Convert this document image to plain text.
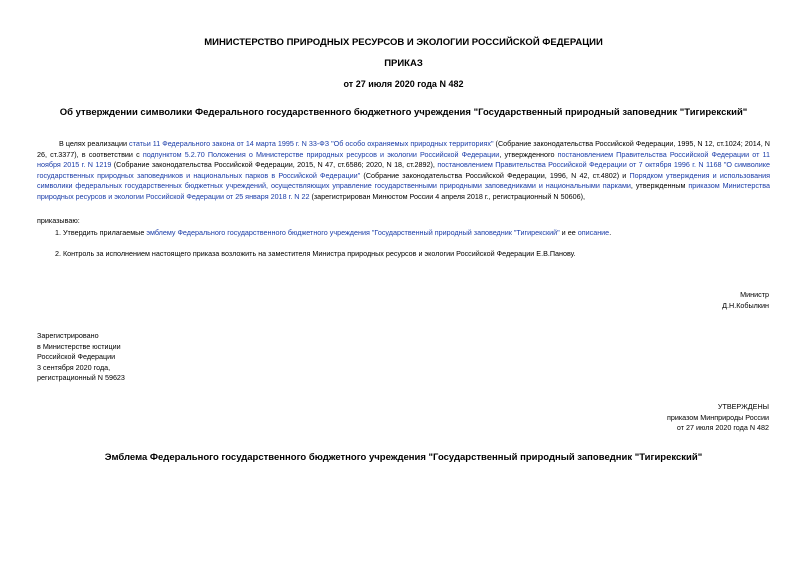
МИНИСТЕРСТВО ПРИРОДНЫХ РЕСУРСОВ И ЭКОЛОГИИ РОССИЙСКОЙ ФЕДЕРАЦИИ
ПРИКАЗ
от 27 июля 2020 года N 482
Об утверждении символики Федерального государственного бюджетного учреждения "Государственный природный заповедник "Тигирекский"
В целях реализации статьи 11 Федерального закона от 14 марта 1995 г. N 33-ФЗ "Об особо охраняемых природных территориях" (Собрание законодательства Российской Федерации, 1995, N 12, ст.1024; 2014, N 26, ст.3377), в соответствии с подпунктом 5.2.70 Положения о Министерстве природных ресурсов и экологии Российской Федерации, утвержденного постановлением Правительства Российской Федерации от 11 ноября 2015 г. N 1219 (Собрание законодательства Российской Федерации, 2015, N 47, ст.6586; 2020, N 18, ст.2892), постановлением Правительства Российской Федерации от 7 октября 1996 г. N 1168 "О символике государственных природных заповедников и национальных парков в Российской Федерации" (Собрание законодательства Российской Федерации, 1996, N 42, ст.4802) и Порядком утверждения и использования символики федеральных государственных бюджетных учреждений, осуществляющих управление государственными природными заповедниками и национальными парками, утвержденным приказом Министерства природных ресурсов и экологии Российской Федерации от 25 января 2018 г. N 22 (зарегистрирован Минюстом России 4 апреля 2018 г., регистрационный N 50606),
приказываю:
1. Утвердить прилагаемые эмблему Федерального государственного бюджетного учреждения "Государственный природный заповедник "Тигирекский" и ее описание.
2. Контроль за исполнением настоящего приказа возложить на заместителя Министра природных ресурсов и экологии Российской Федерации Е.В.Панову.
Министр
Д.Н.Кобылкин
Зарегистрировано
в Министерстве юстиции
Российской Федерации
3 сентября 2020 года,
регистрационный N 59623
УТВЕРЖДЕНЫ
приказом Минприроды России
от 27 июля 2020 года N 482
Эмблема Федерального государственного бюджетного учреждения "Государственный природный заповедник "Тигирекский"
